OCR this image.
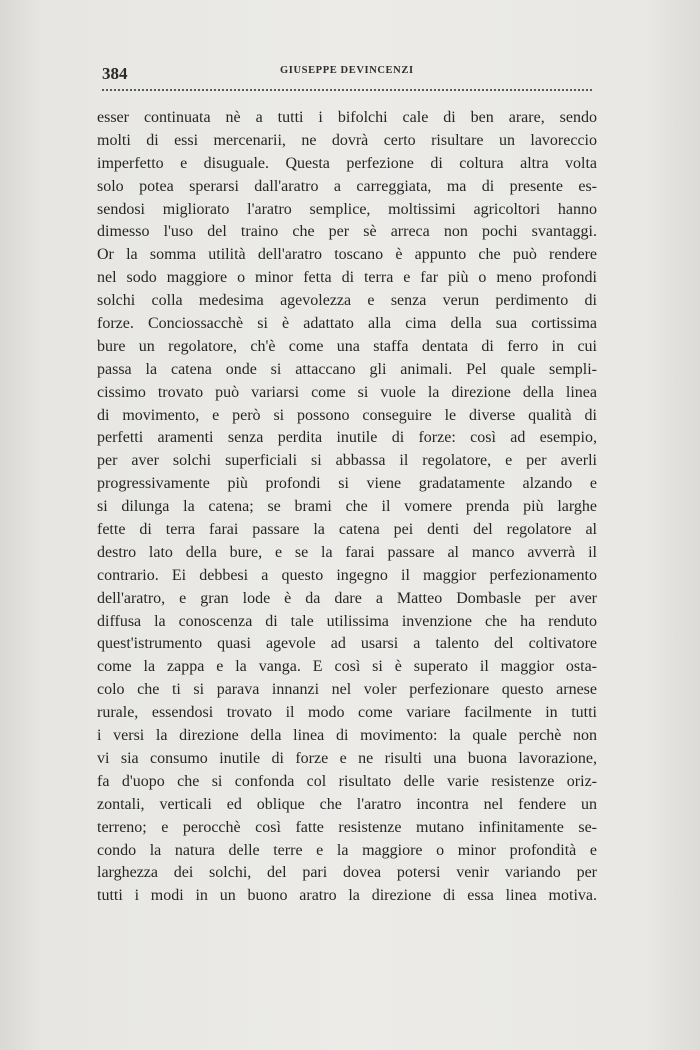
384	GIUSEPPE DEVINCENZI
esser continuata nè a tutti i bifolchi cale di ben arare, sendo
molti di essi mercenarii, ne dovrà certo risultare un lavoreccio
imperfetto e disuguale. Questa perfezione di coltura altra volta
solo potea sperarsi dall'aratro a carreggiata, ma di presente es-
sendosi migliorato l'aratro semplice, moltissimi agricoltori hanno
dimesso l'uso del traino che per sè arreca non pochi svantaggi.
Or la somma utilità dell'aratro toscano è appunto che può rendere
nel sodo maggiore o minor fetta di terra e far più o meno profondi
solchi colla medesima agevolezza e senza verun perdimento di
forze. Conciossacchè si è adattato alla cima della sua cortissima
bure un regolatore, ch'è come una staffa dentata di ferro in cui
passa la catena onde si attaccano gli animali. Pel quale sempli-
cissimo trovato può variarsi come si vuole la direzione della linea
di movimento, e però si possono conseguire le diverse qualità di
perfetti aramenti senza perdita inutile di forze: così ad esempio,
per aver solchi superficiali si abbassa il regolatore, e per averli
progressivamente più profondi si viene gradatamente alzando e
si dilunga la catena; se brami che il vomere prenda più larghe
fette di terra farai passare la catena pei denti del regolatore al
destro lato della bure, e se la farai passare al manco avverrà il
contrario. Ei debbesi a questo ingegno il maggior perfezionamento
dell'aratro, e gran lode è da dare a Matteo Dombasle per aver
diffusa la conoscenza di tale utilissima invenzione che ha renduto
quest'istrumento quasi agevole ad usarsi a talento del coltivatore
come la zappa e la vanga. E così si è superato il maggior osta-
colo che ti si parava innanzi nel voler perfezionare questo arnese
rurale, essendosi trovato il modo come variare facilmente in tutti
i versi la direzione della linea di movimento: la quale perchè non
vi sia consumo inutile di forze e ne risulti una buona lavorazione,
fa d'uopo che si confonda col risultato delle varie resistenze oriz-
zontali, verticali ed oblique che l'aratro incontra nel fendere un
terreno; e perocchè così fatte resistenze mutano infinitamente se-
condo la natura delle terre e la maggiore o minor profondità e
larghezza dei solchi, del pari dovea potersi venir variando per
tutti i modi in un buono aratro la direzione di essa linea motiva.
